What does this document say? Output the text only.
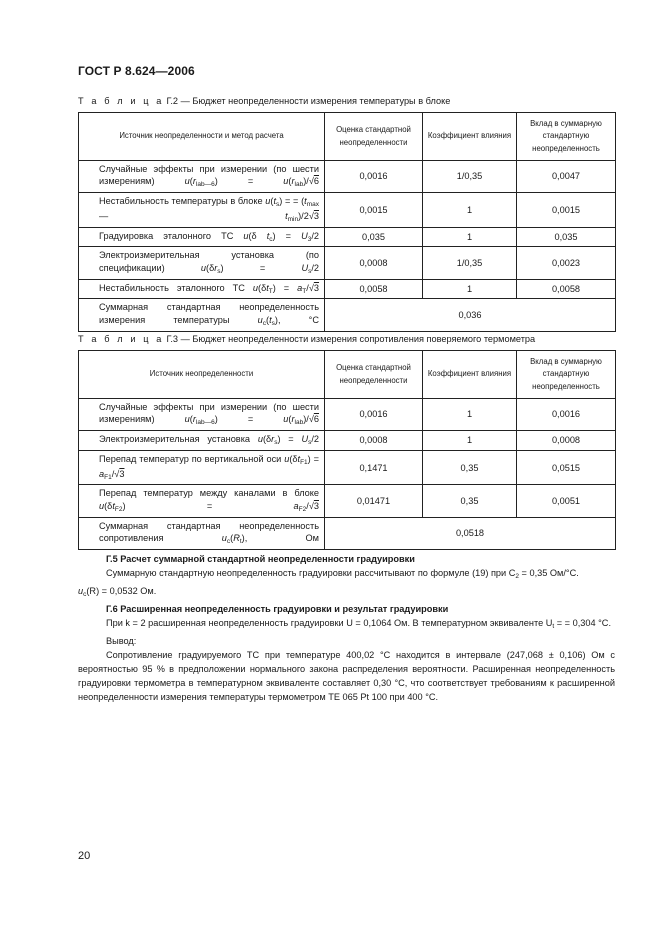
ГОСТ Р 8.624—2006
Т а б л и ц а Г.2 — Бюджет неопределенности измерения температуры в блоке
Источник неопределенности и метод расчета	Оценка стандартной неопределенности	Коэффициент влияния	Вклад в суммарную стандартную неопределенность
Случайные эффекты при измерении (по шести измерениям) $u(r_{lab—6}) = u(r_{lab})/√6$	0,0016	1/0,35	0,0047
Нестабильность температуры в блоке $u(t_s)$ = = ($t_{max}$ — $t_{min})/2√3$	0,0015	1	0,0015
Градуировка эталонного ТС u(δ $t_c) = U_3/2$	0,035	1	0,035
Электроизмерительная установка (по спецификации) $u(\delta r_s) = U_s/2$	0,0008	1/0,35	0,0023
Нестабильность эталонного ТС $u(\delta t_T) = a_T/√3$	0,0058	1	0,0058
Суммарная стандартная неопределенность измерения температуры $u_c(t_s)$, °С	0,036		
Т а б л и ц а Г.3 — Бюджет неопределенности измерения сопротивления поверяемого термометра
Источник неопределенности	Оценка стандартной неопределенности	Коэффициент влияния	Вклад в суммарную стандартную неопределенность
Случайные эффекты при измерении (по шести измерениям) $u(r_{lab—6}) = u(r_{lab})/√6$	0,0016	1	0,0016
Электроизмерительная установка $u(\delta r_s) = U_s/2$	0,0008	1	0,0008
Перепад температур по вертикальной оси $u(\delta t_{F1}) = a_{F1}/√3$	0,1471	0,35	0,0515
Перепад температур между каналами в блоке $u(\delta t_{F2}) = a_{F2}/√3$	0,01471	0,35	0,0051
Суммарная стандартная неопределенность сопротивления $u_c(R_t)$, Ом	0,0518		

Г.5 Расчет суммарной стандартной неопределенности градуировки

Суммарную стандартную неопределенность градуировки рассчитывают по формуле (19) при $C_2 = 0,35$ Ом/°С.

$u_c(R) = 0,0532$ Ом.

Г.6 Расширенная неопределенность градуировки и результат градуировки

При k = 2 расширенная неопределенность градуировки U = 0,1064 Ом. В температурном эквиваленте $U_t$ = = 0,304 °С.

Вывод:

Сопротивление градуируемого ТС при температуре 400,02 °С находится в интервале (247,068 ± 0,106) Ом с вероятностью 95 % в предположении нормального закона распределения вероятности. Расширенная неопределенность градуировки термометра в температурном эквиваленте составляет 0,30 °С, что соответствует требованиям к расширенной неопределенности измерения температуры термометром ТЕ 065 Pt 100 при 400 °С.

20
